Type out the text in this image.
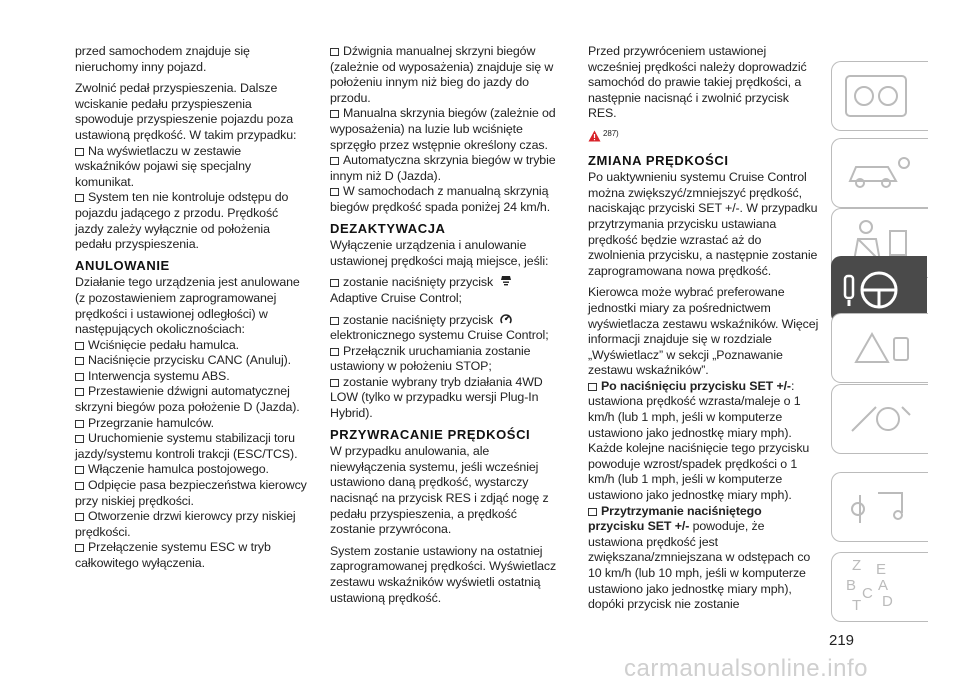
przed samochodem znajduje się nieruchomy inny pojazd.

Zwolnić pedał przyspieszenia. Dalsze wciskanie pedału przyspieszenia spowoduje przyspieszenie pojazdu poza ustawioną prędkość. W takim przypadku:

Na wyświetlaczu w zestawie wskaźników pojawi się specjalny komunikat.
System ten nie kontroluje odstępu do pojazdu jadącego z przodu. Prędkość jazdy zależy wyłącznie od położenia pedału przyspieszenia.
ANULOWANIE

Działanie tego urządzenia jest anulowane (z pozostawieniem zaprogramowanej prędkości i ustawionej odległości) w następujących okolicznościach:

Wciśnięcie pedału hamulca.
Naciśnięcie przycisku CANC (Anuluj).
Interwencja systemu ABS.
Przestawienie dźwigni automatycznej skrzyni biegów poza położenie D (Jazda).
Przegrzanie hamulców.
Uruchomienie systemu stabilizacji toru jazdy/systemu kontroli trakcji (ESC/TCS).
Włączenie hamulca postojowego.
Odpięcie pasa bezpieczeństwa kierowcy przy niskiej prędkości.
Otworzenie drzwi kierowcy przy niskiej prędkości.
Przełączenie systemu ESC w tryb całkowitego wyłączenia.
Dźwignia manualnej skrzyni biegów (zależnie od wyposażenia) znajduje się w położeniu innym niż bieg do jazdy do przodu.
Manualna skrzynia biegów (zależnie od wyposażenia) na luzie lub wciśnięte sprzęgło przez wstępnie określony czas.
Automatyczna skrzynia biegów w trybie innym niż D (Jazda).
W samochodach z manualną skrzynią biegów prędkość spada poniżej 24 km/h.
DEZAKTYWACJA

Wyłączenie urządzenia i anulowanie ustawionej prędkości mają miejsce, jeśli:

zostanie naciśnięty przycisk
Adaptive Cruise Control;
zostanie naciśnięty przycisk
elektronicznego systemu Cruise Control;
Przełącznik uruchamiania zostanie ustawiony w położeniu STOP;
zostanie wybrany tryb działania 4WD LOW (tylko w przypadku wersji Plug-In Hybrid).
PRZYWRACANIE PRĘDKOŚCI

W przypadku anulowania, ale niewyłączenia systemu, jeśli wcześniej ustawiono daną prędkość, wystarczy nacisnąć na przycisk RES i zdjąć nogę z pedału przyspieszenia, a prędkość zostanie przywrócona.

System zostanie ustawiony na ostatniej zaprogramowanej prędkości. Wyświetlacz zestawu wskaźników wyświetli ostatnią ustawioną prędkość.

Przed przywróceniem ustawionej wcześniej prędkości należy doprowadzić samochód do prawie takiej prędkości, a następnie nacisnąć i zwolnić przycisk RES.

$^{287)}$
ZMIANA PRĘDKOŚCI

Po uaktywnieniu systemu Cruise Control można zwiększyć/zmniejszyć prędkość, naciskając przyciski SET +/-. W przypadku przytrzymania przycisku ustawiana prędkość będzie wzrastać aż do zwolnienia przycisku, a następnie zostanie zaprogramowana nowa prędkość.

Kierowca może wybrać preferowane jednostki miary za pośrednictwem wyświetlacza zestawu wskaźników. Więcej informacji znajduje się w rozdziale „Wyświetlacz” w sekcji „Poznawanie zestawu wskaźników”.

Po naciśnięciu przycisku SET +/-: ustawiona prędkość wzrasta/maleje o 1 km/h (lub 1 mph, jeśli w komputerze ustawiono jako jednostkę miary mph). Każde kolejne naciśnięcie tego przycisku powoduje wzrost/spadek prędkości o 1 km/h (lub 1 mph, jeśli w komputerze ustawiono jako jednostkę miary mph).
Przytrzymanie naciśniętego przycisku SET +/- powoduje, że ustawiona prędkość jest zwiększana/zmniejszana w odstępach co 10 km/h (lub 10 mph, jeśli w komputerze ustawiono jako jednostkę miary mph), dopóki przycisk nie zostanie
Z E
B C A
T D
219
carmanualsonline.info
